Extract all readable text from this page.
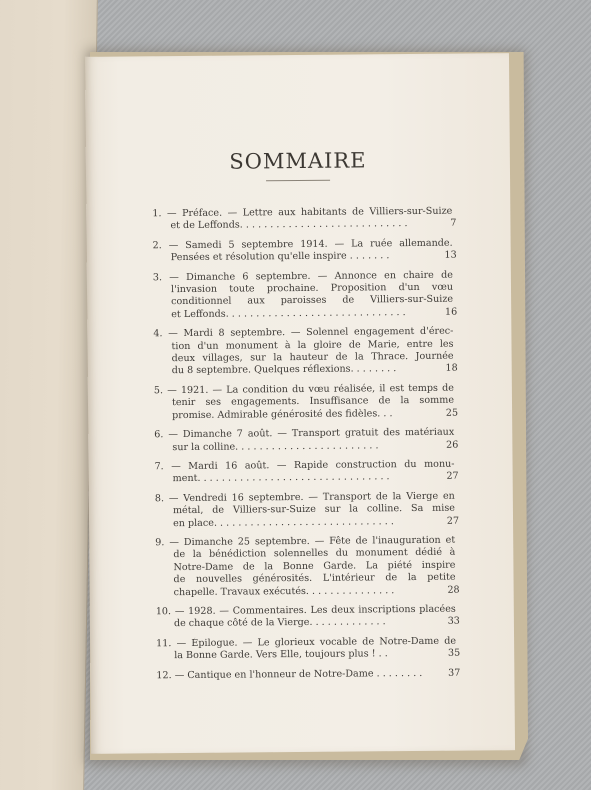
SOMMAIRE
1. — Préface. — Lettre aux habitants de Villiers-sur-Suize
et de Leffonds. . . . . . . . . . . . . . . . . . . . . . . . . . . .	7
2. — Samedi 5 septembre 1914. — La ruée allemande.
Pensées et résolution qu'elle inspire . . . . . . .	13
3. — Dimanche 6 septembre. — Annonce en chaire de
l'invasion toute prochaine. Proposition d'un vœu
conditionnel aux paroisses de Villiers-sur-Suize
et Leffonds. . . . . . . . . . . . . . . . . . . . . . . . . . . . . .	16
4. — Mardi 8 septembre. — Solennel engagement d'érec-
tion d'un monument à la gloire de Marie, entre les
deux villages, sur la hauteur de la Thrace. Journée
du 8 septembre. Quelques réflexions. . . . . . . .	18
5. — 1921. — La condition du vœu réalisée, il est temps de
tenir ses engagements. Insuffisance de la somme
promise. Admirable générosité des fidèles. . .	25
6. — Dimanche 7 août. — Transport gratuit des matériaux
sur la colline. . . . . . . . . . . . . . . . . . . . . . . .	26
7. — Mardi 16 août. — Rapide construction du monu-
ment. . . . . . . . . . . . . . . . . . . . . . . . . . . . . . . .	27
8. — Vendredi 16 septembre. — Transport de la Vierge en
métal, de Villiers-sur-Suize sur la colline. Sa mise
en place. . . . . . . . . . . . . . . . . . . . . . . . . . . . . .	27
9. — Dimanche 25 septembre. — Fête de l'inauguration et
de la bénédiction solennelles du monument dédié à
Notre-Dame de la Bonne Garde. La piété inspire
de nouvelles générosités. L'intérieur de la petite
chapelle. Travaux exécutés. . . . . . . . . . . . . . .	28
10. — 1928. — Commentaires. Les deux inscriptions placées
de chaque côté de la Vierge. . . . . . . . . . . . .	33
11. — Épilogue. — Le glorieux vocable de Notre-Dame de
la Bonne Garde. Vers Elle, toujours plus ! . .	35
12. — Cantique en l'honneur de Notre-Dame . . . . . . . .	37
